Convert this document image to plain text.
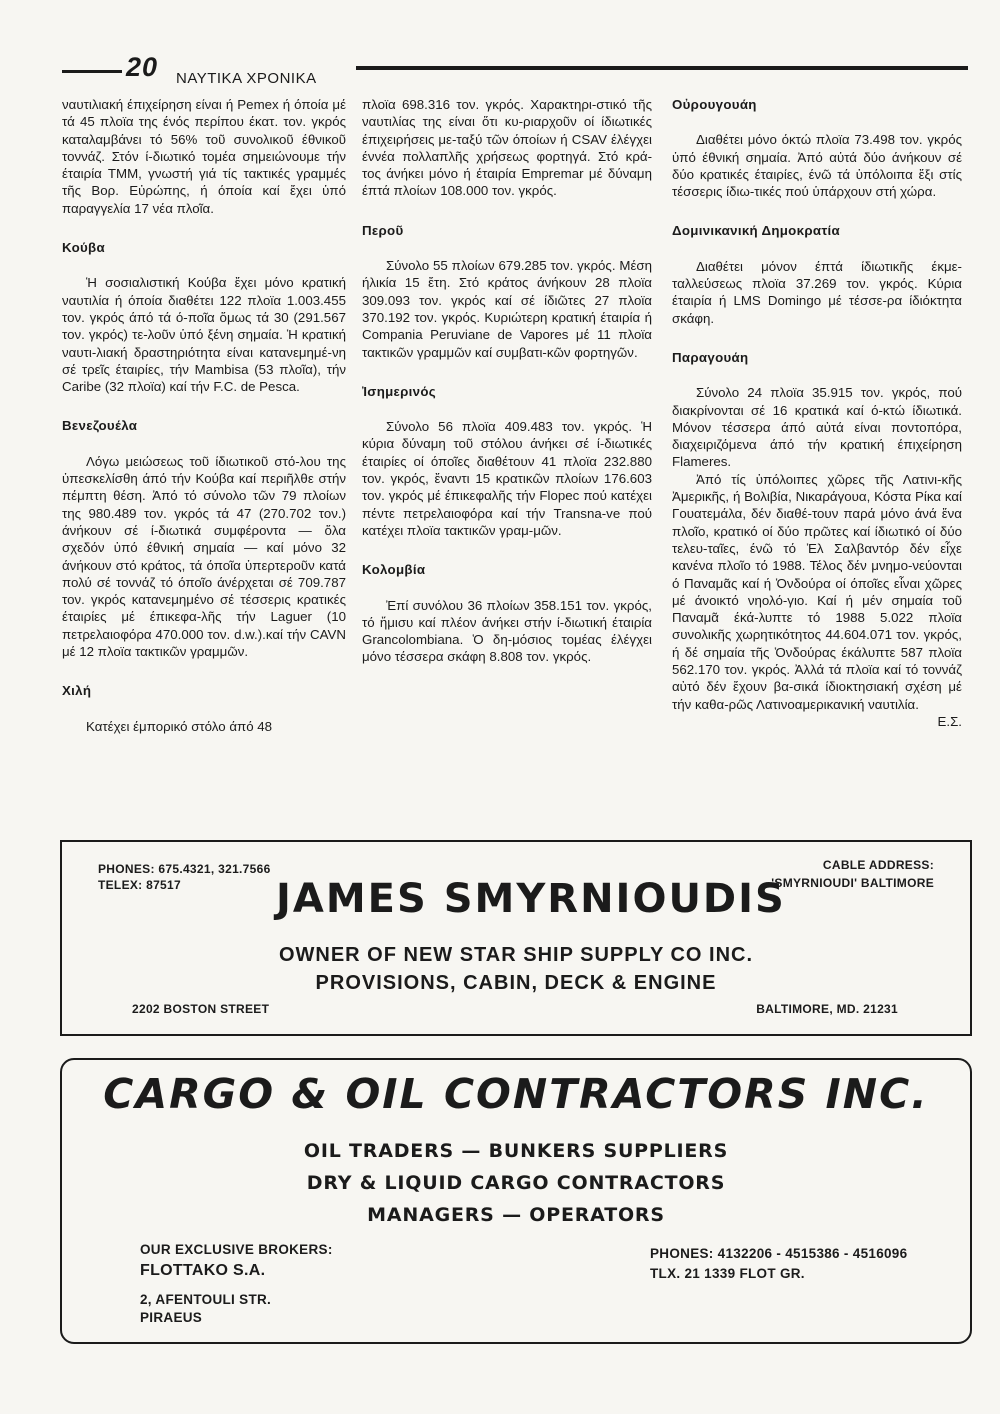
20 ΝΑΥΤΙΚΑ ΧΡΟΝΙΚΑ

ναυτιλιακή έπιχείρηση είναι ή Pemex ή όποία μέ τά 45 πλοϊα της ένός περίπου έκατ. τον. γκρός καταλαμβάνει τό 56% τοῦ συνολικοῦ έθνικοῦ τοννάζ. Στόν ί-διωτικό τομέα σημειώνουμε τήν έταιρία ΤΜΜ, γνωστή γιά τίς τακτικές γραμμές τῆς Βορ. Εὐρώπης, ή όποία καί ἔχει ὑπό παραγγελία 17 νέα πλοῖα.

Κούβα

Ἡ σοσιαλιστική Κούβα ἔχει μόνο κρατική ναυτιλία ή όποία διαθέτει 122 πλοϊα 1.003.455 τον. γκρός άπό τά ό-ποῖα ὅμως τά 30 (291.567 τον. γκρός) τε-λοῦν ὑπό ξένη σημαία. Ἡ κρατική ναυτι-λιακή δραστηριότητα είναι κατανεμημέ-νη σέ τρεῖς έταιρίες, τήν Mambisa (53 πλοῖα), τήν Caribe (32 πλοϊα) καί τήν F.C. de Pesca.

Βενεζουέλα

Λόγω μειώσεως τοῦ ίδιωτικοῦ στό-λου της ὑπεσκελίσθη άπό τήν Κούβα καί περιῆλθε στήν πέμπτη θέση. Ἀπό τό σύνολο τῶν 79 πλοίων της 980.489 τον. γκρός τά 47 (270.702 τον.) άνήκουν σέ ί-διωτικά συμφέροντα — ὅλα σχεδόν ὑπό έθνική σημαία — καί μόνο 32 άνήκουν στό κράτος, τά όποῖα ὑπερτεροῦν κατά πολύ σέ τοννάζ τό όποῖο άνέρχεται σέ 709.787 τον. γκρός κατανεμημένο σέ τέσσερις κρατικές έταιρίες μέ έπικεφα-λῆς τήν Laguer (10 πετρελαιοφόρα 470.000 τον. d.w.).καί τήν CAVN μέ 12 πλοϊα τακτικῶν γραμμῶν.

Χιλή

Κατέχει έμπορικό στόλο άπό 48

πλοϊα 698.316 τον. γκρός. Χαρακτηρι-στικό τῆς ναυτιλίας της είναι ὅτι κυ-ριαρχοῦν οί ίδιωτικές έπιχειρήσεις με-ταξύ τῶν όποίων ή CSAV έλέγχει έννέα πολλαπλῆς χρήσεως φορτηγά. Στό κρά-τος άνήκει μόνο ή έταιρία Empremar μέ δύναμη έπτά πλοίων 108.000 τον. γκρός.

Περοῦ

Σύνολο 55 πλοίων 679.285 τον. γκρός. Μέση ήλικία 15 ἔτη. Στό κράτος άνήκουν 28 πλοϊα 309.093 τον. γκρός καί σέ ίδιῶτες 27 πλοϊα 370.192 τον. γκρός. Κυριώτερη κρατική έταιρία ή Compania Peruviane de Vapores μέ 11 πλοϊα τακτικῶν γραμμῶν καί συμβατι-κῶν φορτηγῶν.

Ἰσημερινός

Σύνολο 56 πλοϊα 409.483 τον. γκρός. Ἡ κύρια δύναμη τοῦ στόλου άνήκει σέ ί-διωτικές έταιρίες οί όποῖες διαθέτουν 41 πλοϊα 232.880 τον. γκρός, ἔναντι 15 κρατικῶν πλοίων 176.603 τον. γκρός μέ έπικεφαλῆς τήν Flopec πού κατέχει πέντε πετρελαιοφόρα καί τήν Transna-ve πού κατέχει πλοϊα τακτικῶν γραμ-μῶν.

Κολομβία

Ἐπί συνόλου 36 πλοίων 358.151 τον. γκρός, τό ἥμισυ καί πλέον άνήκει στήν ί-διωτική έταιρία Grancolombiana. Ὁ δη-μόσιος τομέας έλέγχει μόνο τέσσερα σκάφη 8.808 τον. γκρός.

Οὐρουγουάη

Διαθέτει μόνο όκτώ πλοϊα 73.498 τον. γκρός ὑπό έθνική σημαία. Ἀπό αὐτά δύο άνήκουν σέ δύο κρατικές έταιρίες, ένῶ τά ὑπόλοιπα ἕξι στίς τέσσερις ίδιω-τικές πού ὑπάρχουν στή χώρα.

Δομινικανική Δημοκρατία

Διαθέτει μόνον έπτά ίδιωτικῆς έκμε-ταλλεύσεως πλοϊα 37.269 τον. γκρός. Κύρια έταιρία ή LMS Domingo μέ τέσσε-ρα ίδιόκτητα σκάφη.

Παραγουάη

Σύνολο 24 πλοϊα 35.915 τον. γκρός, πού διακρίνονται σέ 16 κρατικά καί ό-κτώ ίδιωτικά. Μόνον τέσσερα άπό αὐτά είναι ποντοπόρα, διαχειριζόμενα άπό τήν κρατική έπιχείρηση Flameres.

Ἀπό τίς ὑπόλοιπες χῶρες τῆς Λατινι-κῆς Ἀμερικῆς, ή Βολιβία, Νικαράγουα, Κόστα Ρίκα καί Γουατεμάλα, δέν διαθέ-τουν παρά μόνο άνά ἕνα πλοῖο, κρατικό οί δύο πρῶτες καί ίδιωτικό οί δύο τελευ-ταῖες, ένῶ τό Ἐλ Σαλβαντόρ δέν εἶχε κανένα πλοῖο τό 1988. Τέλος δέν μνημο-νεύονται ό Παναμᾶς καί ή Ὁνδούρα οί όποῖες εἶναι χῶρες μέ άνοικτό νηολό-γιο. Καί ή μέν σημαία τοῦ Παναμᾶ έκά-λυπτε τό 1988 5.022 πλοϊα συνολικῆς χωρητικότητος 44.604.071 τον. γκρός, ή δέ σημαία τῆς Ὁνδούρας έκάλυπτε 587 πλοϊα 562.170 τον. γκρός. Ἀλλά τά πλοϊα καί τό τοννάζ αὐτό δέν ἔχουν βα-σικά ίδιοκτησιακή σχέση μέ τήν καθα-ρῶς Λατινοαμερικανική ναυτιλία.

Ε.Σ.

PHONES: 675.4321, 321.7566
TELEX: 87517
CABLE ADDRESS:
'SMYRNIOUDI' BALTIMORE
JAMES SMYRNIOUDIS
OWNER OF NEW STAR SHIP SUPPLY CO INC.
PROVISIONS, CABIN, DECK & ENGINE
2202 BOSTON STREET	BALTIMORE, MD. 21231
CARGO & OIL CONTRACTORS INC.
OIL TRADERS — BUNKERS SUPPLIERS
DRY & LIQUID CARGO CONTRACTORS
MANAGERS — OPERATORS
OUR EXCLUSIVE BROKERS:
FLOTTAKO S.A.
2, AFENTOULI STR.
PIRAEUS
PHONES: 4132206 - 4515386 - 4516096
TLX. 21 1339 FLOT GR.
